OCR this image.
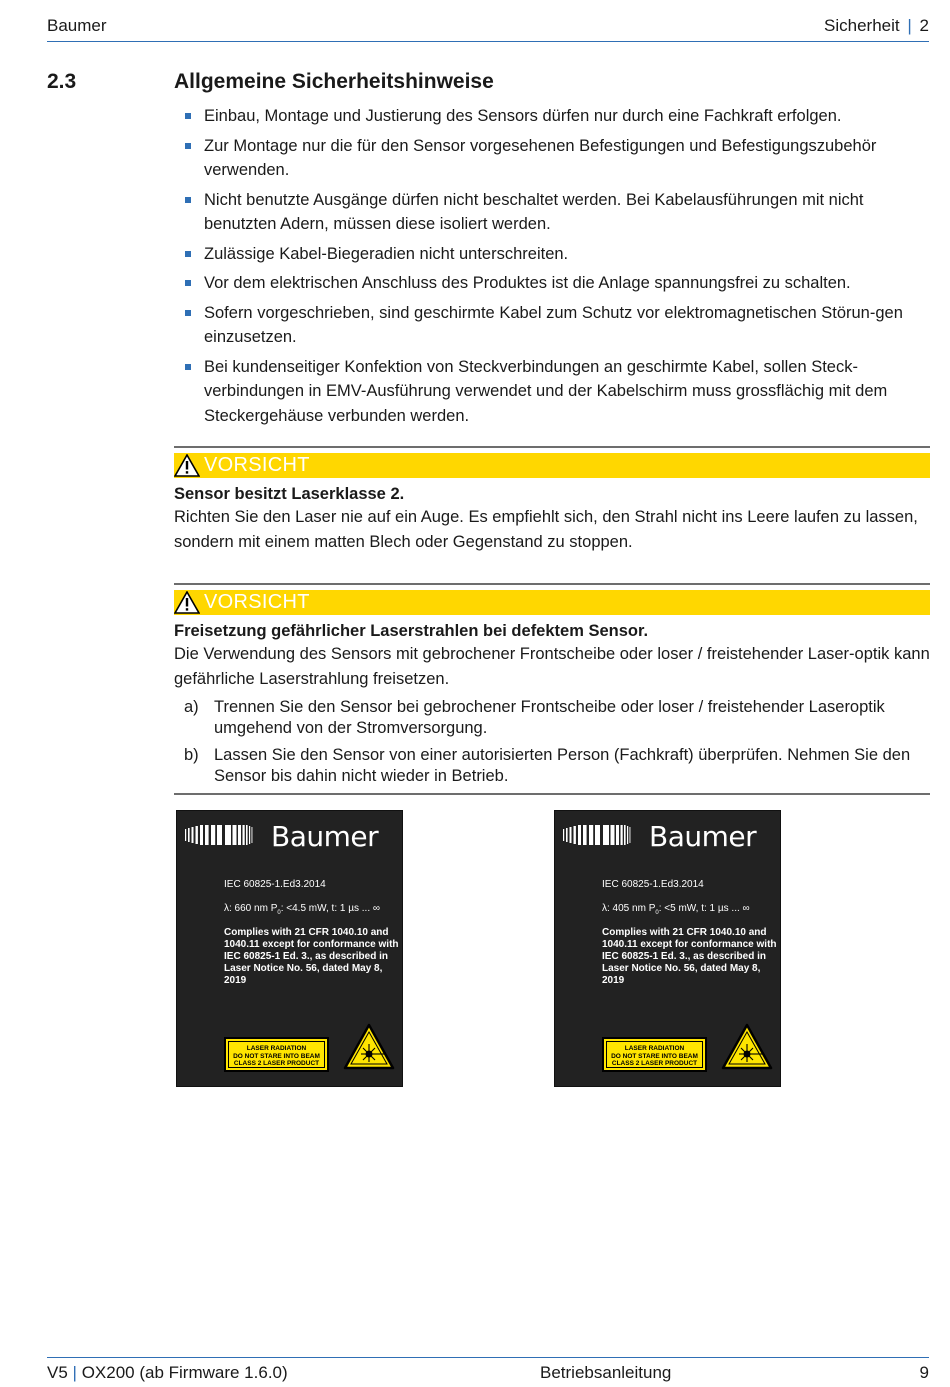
Baumer	Sicherheit | 2
2.3	Allgemeine Sicherheitshinweise
Einbau, Montage und Justierung des Sensors dürfen nur durch eine Fachkraft erfolgen.
Zur Montage nur die für den Sensor vorgesehenen Befestigungen und Befestigungszubehör verwenden.
Nicht benutzte Ausgänge dürfen nicht beschaltet werden. Bei Kabelausführungen mit nicht benutzten Adern, müssen diese isoliert werden.
Zulässige Kabel-Biegeradien nicht unterschreiten.
Vor dem elektrischen Anschluss des Produktes ist die Anlage spannungsfrei zu schalten.
Sofern vorgeschrieben, sind geschirmte Kabel zum Schutz vor elektromagnetischen Störun-gen einzusetzen.
Bei kundenseitiger Konfektion von Steckverbindungen an geschirmte Kabel, sollen Steck-verbindungen in EMV-Ausführung verwendet und der Kabelschirm muss grossflächig mit dem Steckergehäuse verbunden werden.
VORSICHT
Sensor besitzt Laserklasse 2.
Richten Sie den Laser nie auf ein Auge. Es empfiehlt sich, den Strahl nicht ins Leere laufen zu lassen, sondern mit einem matten Blech oder Gegenstand zu stoppen.
VORSICHT
Freisetzung gefährlicher Laserstrahlen bei defektem Sensor.
Die Verwendung des Sensors mit gebrochener Frontscheibe oder loser / freistehender Laser-optik kann gefährliche Laserstrahlung freisetzen.
a) Trennen Sie den Sensor bei gebrochener Frontscheibe oder loser / freistehender Laseroptik umgehend von der Stromversorgung.
b) Lassen Sie den Sensor von einer autorisierten Person (Fachkraft) überprüfen. Nehmen Sie den Sensor bis dahin nicht wieder in Betrieb.
Baumer
IEC 60825-1.Ed3.2014
λ: 660 nm $P_0$: <4.5 mW, t: 1 µs ... ∞
Complies with 21 CFR 1040.10 and 1040.11 except for conformance with IEC 60825-1 Ed. 3., as described in Laser Notice No. 56, dated May 8, 2019
LASER RADIATION
DO NOT STARE INTO BEAM
CLASS 2 LASER PRODUCT
Baumer
IEC 60825-1.Ed3.2014
λ: 405 nm $P_0$: <5 mW, t: 1 µs ... ∞
Complies with 21 CFR 1040.10 and 1040.11 except for conformance with IEC 60825-1 Ed. 3., as described in Laser Notice No. 56, dated May 8, 2019
LASER RADIATION
DO NOT STARE INTO BEAM
CLASS 2 LASER PRODUCT
V5 | OX200 (ab Firmware 1.6.0)	Betriebsanleitung	9
